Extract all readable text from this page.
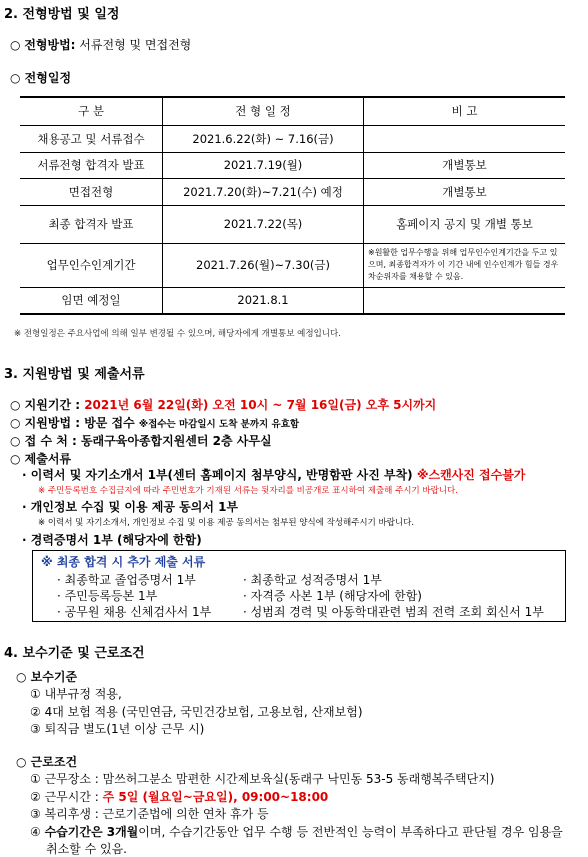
2. 전형방법 및 일정
○ 전형방법: 서류전형 및 면접전형
○ 전형일정
구 분	전 형 일 정	비 고
채용공고 및 서류접수	2021.6.22(화) ~ 7.16(금)	
서류전형 합격자 발표	2021.7.19(월)	개별통보
면접전형	2021.7.20(화)~7.21(수) 예정	개별통보
최종 합격자 발표	2021.7.22(목)	홈페이지 공지 및 개별 통보
업무인수인계기간	2021.7.26(월)~7.30(금)	※원활한 업무수행을 위해 업무인수인계기간을 두고 있으며, 최종합격자가 이 기간 내에 인수인계가 힘들 경우 차순위자를 채용할 수 있음.
임면 예정일	2021.8.1	
※ 전형일정은 주요사업에 의해 일부 변경될 수 있으며, 해당자에게 개별통보 예정입니다.
3. 지원방법 및 제출서류
○ 지원기간 : 2021년 6월 22일(화) 오전 10시 ~ 7월 16일(금) 오후 5시까지
○ 지원방법 : 방문 접수 ※접수는 마감일시 도착 분까지 유효함
○ 접 수 처 : 동래구육아종합지원센터 2층 사무실
○ 제출서류
· 이력서 및 자기소개서 1부(센터 홈페이지 첨부양식, 반명함판 사진 부착) ※스캔사진 접수불가
※ 주민등록번호 수집금지에 따라 주민번호가 기재된 서류는 뒷자리를 비공개로 표시하여 제출해 주시기 바랍니다.
· 개인정보 수집 및 이용 제공 동의서 1부
※ 이력서 및 자기소개서, 개인정보 수집 및 이용 제공 동의서는 첨부된 양식에 작성해주시기 바랍니다.
· 경력증명서 1부 (해당자에 한함)
※ 최종 합격 시 추가 제출 서류
· 최종학교 졸업증명서 1부
· 주민등록등본 1부
· 공무원 채용 신체검사서 1부
· 최종학교 성적증명서 1부
· 자격증 사본 1부 (해당자에 한함)
· 성범죄 경력 및 아동학대관련 범죄 전력 조회 회신서 1부
4. 보수기준 및 근로조건
○ 보수기준
① 내부규정 적용,
② 4대 보험 적용 (국민연금, 국민건강보험, 고용보험, 산재보험)
③ 퇴직금 별도(1년 이상 근무 시)
○ 근로조건
① 근무장소 : 맘쓰허그분소 맘편한 시간제보육실(동래구 낙민동 53-5 동래행복주택단지)
② 근무시간 : 주 5일 (월요일~금요일), 09:00~18:00
③ 복리후생 : 근로기준법에 의한 연차 휴가 등
④ 수습기간은 3개월이며, 수습기간동안 업무 수행 등 전반적인 능력이 부족하다고 판단될 경우 임용을
취소할 수 있음.
